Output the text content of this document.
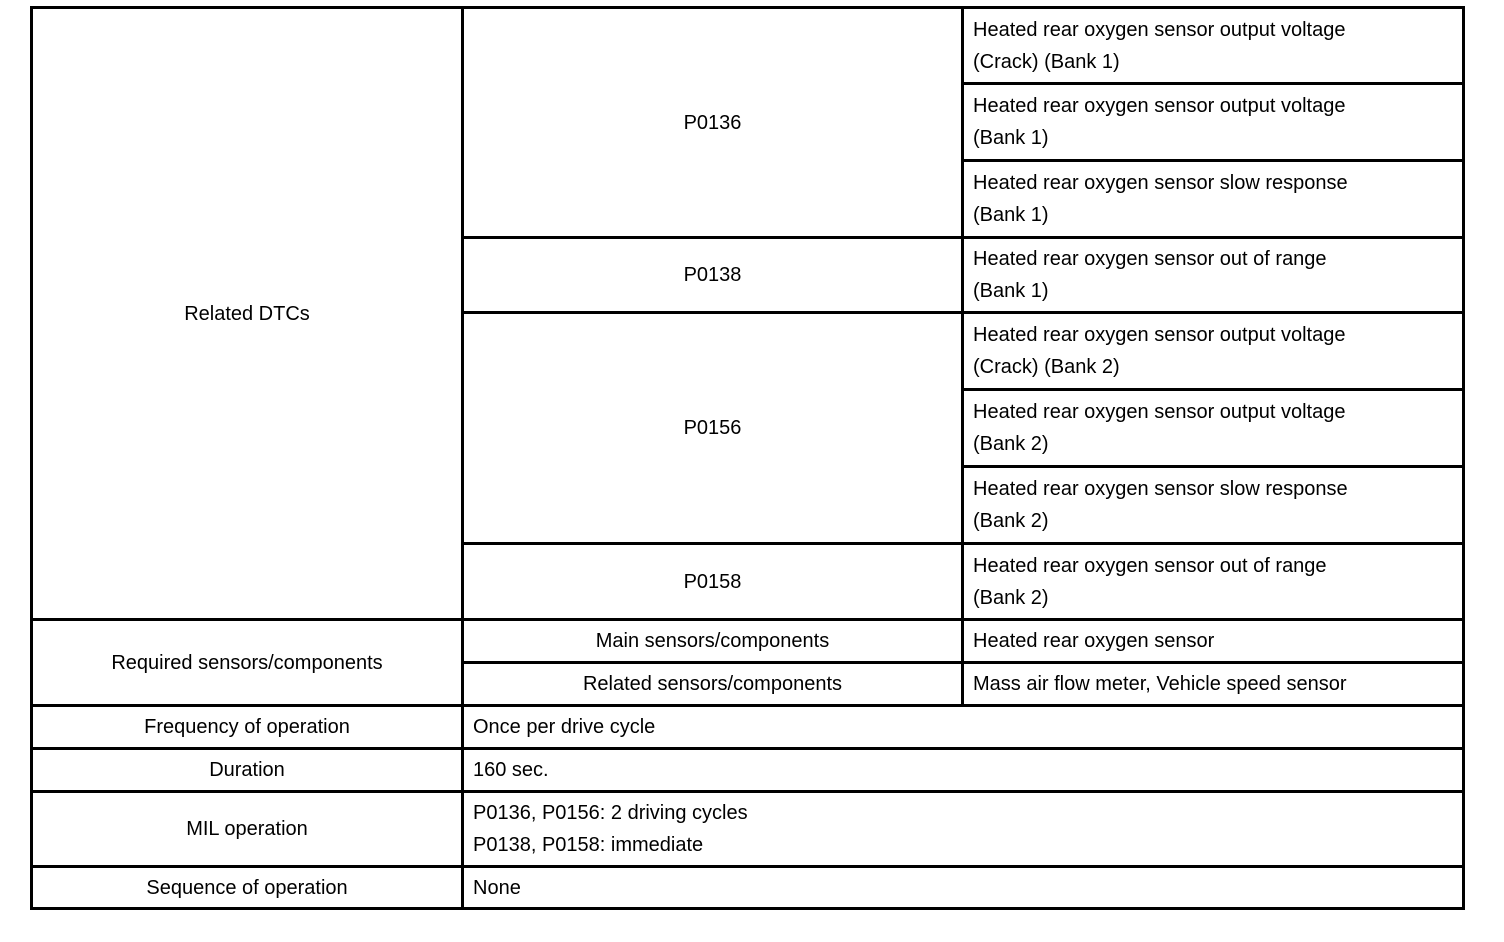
Related DTCs	P0136	Heated rear oxygen sensor output voltage
(Crack) (Bank 1)

		Heated rear oxygen sensor output voltage
(Bank 1)

		Heated rear oxygen sensor slow response
(Bank 1)

	P0138	Heated rear oxygen sensor out of range
(Bank 1)

	P0156	Heated rear oxygen sensor output voltage
(Crack) (Bank 2)

		Heated rear oxygen sensor output voltage
(Bank 2)

		Heated rear oxygen sensor slow response
(Bank 2)

	P0158	Heated rear oxygen sensor out of range
(Bank 2)

Required sensors/components	Main sensors/components	Heated rear oxygen sensor
	Related sensors/components	Mass air flow meter, Vehicle speed sensor
Frequency of operation	Once per drive cycle	
Duration	160 sec.	
MIL operation	P0136, P0156: 2 driving cycles
P0138, P0158: immediate	

Sequence of operation	None	
